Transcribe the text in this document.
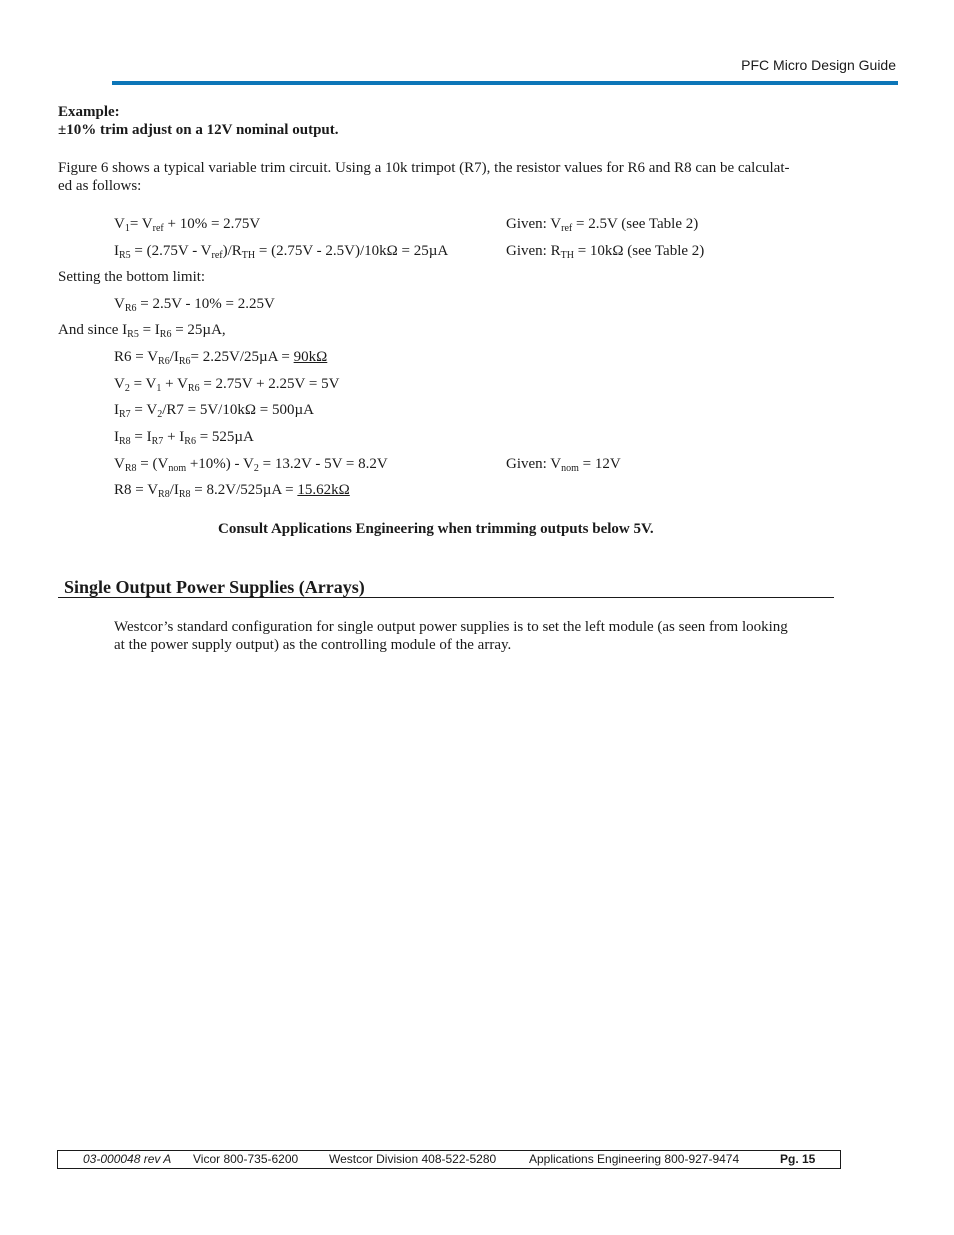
PFC Micro Design Guide
Example:
±10% trim adjust on a 12V nominal output.
Figure 6 shows a typical variable trim circuit. Using a 10k trimpot (R7), the resistor values for R6 and R8 can be calculat-
ed as follows:
$V_1= V_{ref} + 10\% = 2.75V$	Given: $V_{ref} = 2.5V$ (see Table 2)
$I_{R5} = (2.75V - V_{ref})/R_{TH} = (2.75V - 2.5V)/10k\Omega = 25\mu A$	Given: $R_{TH} = 10k\Omega$ (see Table 2)
Setting the bottom limit:
$V_{R6} = 2.5V - 10\% = 2.25V$
And since $I_{R5} = I_{R6} = 25\mu A$,
$R6 = V_{R6}/I_{R6}= 2.25V/25\mu A = 90k\Omega$
$V_2 = V_1 + V_{R6} = 2.75V + 2.25V = 5V$
$I_{R7} = V_2/R7 = 5V/10k\Omega = 500\mu A$
$I_{R8} = I_{R7} + I_{R6} = 525\mu A$
$V_{R8} = (V_{nom} +10\%) - V_2 = 13.2V - 5V = 8.2V$	Given: $V_{nom} = 12V$
$R8 = V_{R8}/I_{R8} = 8.2V/525\mu A = 15.62k\Omega$
Consult Applications Engineering when trimming outputs below 5V.
Single Output Power Supplies (Arrays)
Westcor’s standard configuration for single output power supplies is to set the left module (as seen from looking
at the power supply output) as the controlling module of the array.
03-000048 rev A Vicor 800-735-6200	Westcor Division 408-522-5280	Applications Engineering 800-927-9474	Pg. 15
